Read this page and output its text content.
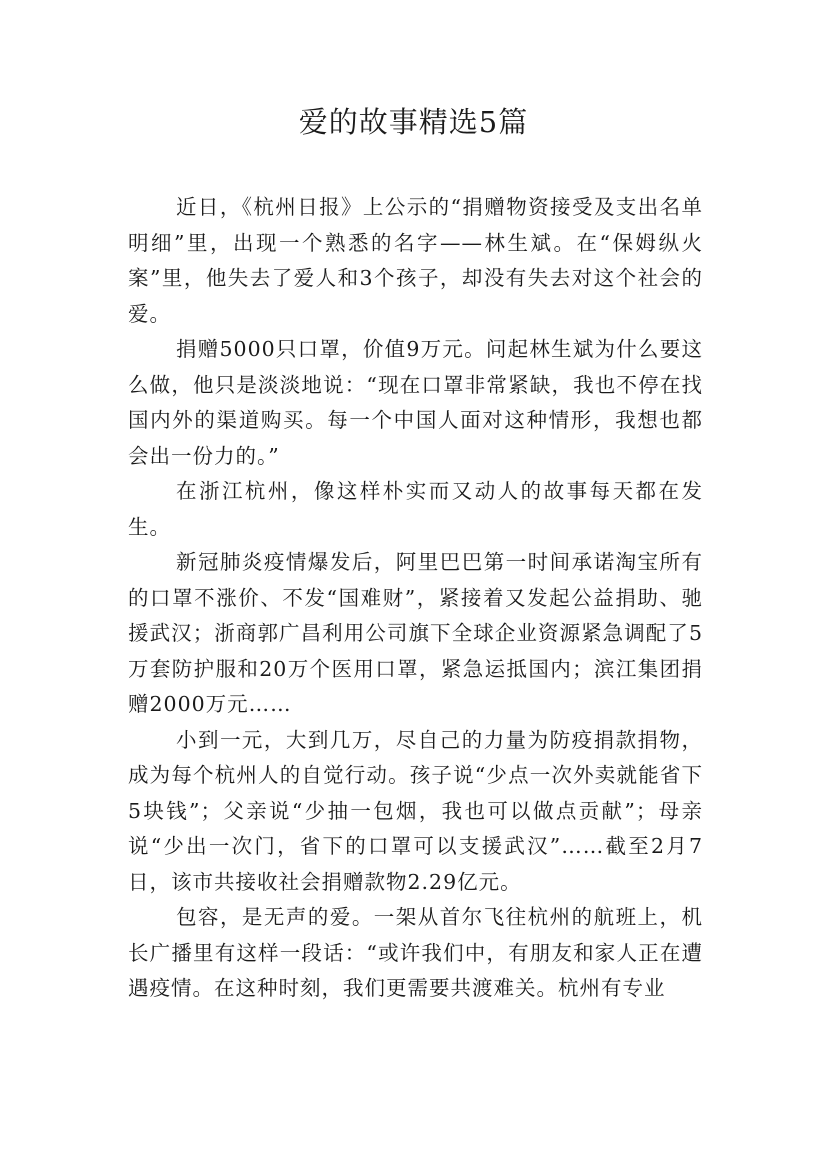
爱的故事精选5篇

近日，《杭州日报》上公示的“捐赠物资接受及支出名单明细”里，出现一个熟悉的名字——林生斌。在“保姆纵火案”里，他失去了爱人和3个孩子，却没有失去对这个社会的爱。

捐赠5000只口罩，价值9万元。问起林生斌为什么要这么做，他只是淡淡地说：“现在口罩非常紧缺，我也不停在找国内外的渠道购买。每一个中国人面对这种情形，我想也都会出一份力的。”

在浙江杭州，像这样朴实而又动人的故事每天都在发生。

新冠肺炎疫情爆发后，阿里巴巴第一时间承诺淘宝所有的口罩不涨价、不发“国难财”，紧接着又发起公益捐助、驰援武汉；浙商郭广昌利用公司旗下全球企业资源紧急调配了5万套防护服和20万个医用口罩，紧急运抵国内；滨江集团捐赠2000万元……

小到一元，大到几万，尽自己的力量为防疫捐款捐物，成为每个杭州人的自觉行动。孩子说“少点一次外卖就能省下5块钱”；父亲说“少抽一包烟，我也可以做点贡献”；母亲说“少出一次门，省下的口罩可以支援武汉”……截至2月7日，该市共接收社会捐赠款物2.29亿元。

包容，是无声的爱。一架从首尔飞往杭州的航班上，机长广播里有这样一段话：“或许我们中，有朋友和家人正在遭遇疫情。在这种时刻，我们更需要共渡难关。杭州有专业
